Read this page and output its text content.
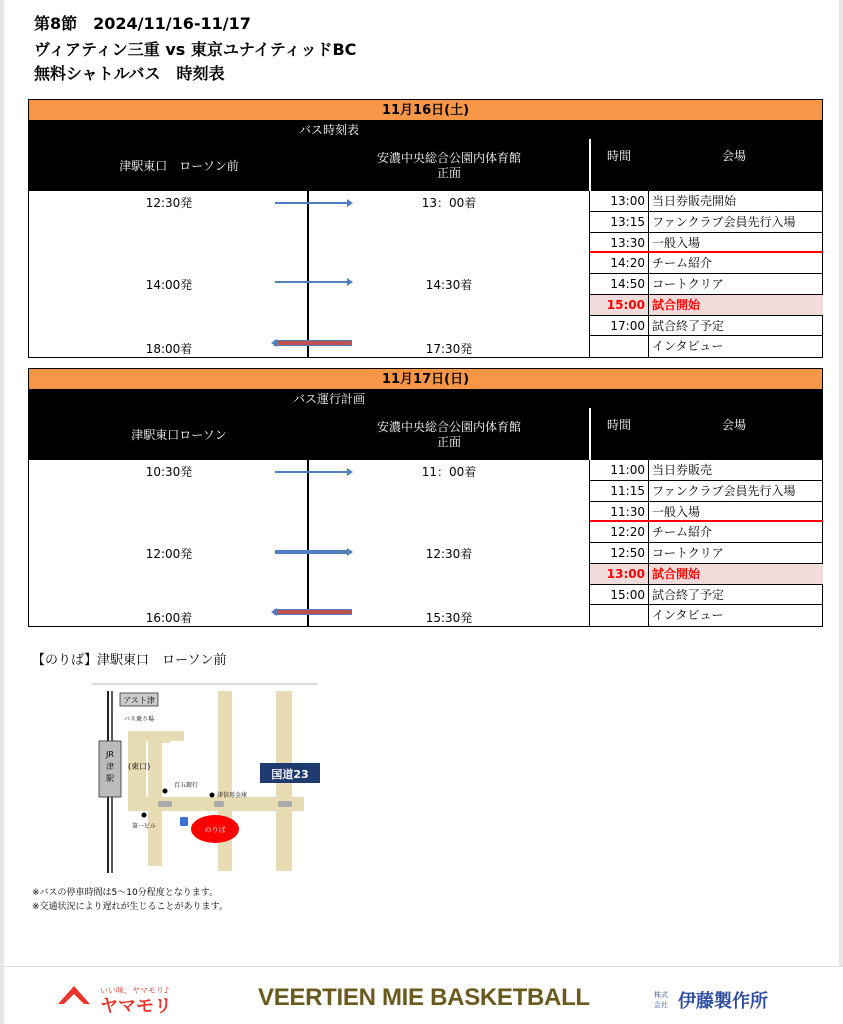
第8節　2024/11/16-11/17
ヴィアティン三重 vs 東京ユナイティッドBC
無料シャトルバス　時刻表
11月16日(土)
バス時刻表
津駅東口　ローソン前
安濃中央総合公園内体育館
正面
時間	会場
12:30発	13：00着
14:00発	14:30着
18:00着	17:30発
13:00 当日券販売開始
13:15 ファンクラブ会員先行入場
13:30 一般入場
14:20 チーム紹介
14:50 コートクリア
15:00 試合開始
17:00 試合終了予定
インタビュー
11月17日(日)
バス運行計画
津駅東口ローソン
安濃中央総合公園内体育館
正面
時間	会場
10:30発	11：00着
12:00発	12:30着
16:00着	15:30発
11:00 当日券販売
11:15 ファンクラブ会員先行入場
11:30 一般入場
12:20 チーム紹介
12:50 コートクリア
13:00 試合開始
15:00 試合終了予定
インタビュー
【のりば】津駅東口　ローソン前
アスト津
バス乗り場
JR
津
駅
(東口)
百五銀行
津信用金庫
第一ビル
国道23
のりば
※バスの停車時間は5～10分程度となります。
※交通状況により遅れが生じることがあります。
いい味、ヤマモリ♪
ヤマモリ	VEERTIEN MIE BASKETBALL	株式
会社 伊藤製作所
